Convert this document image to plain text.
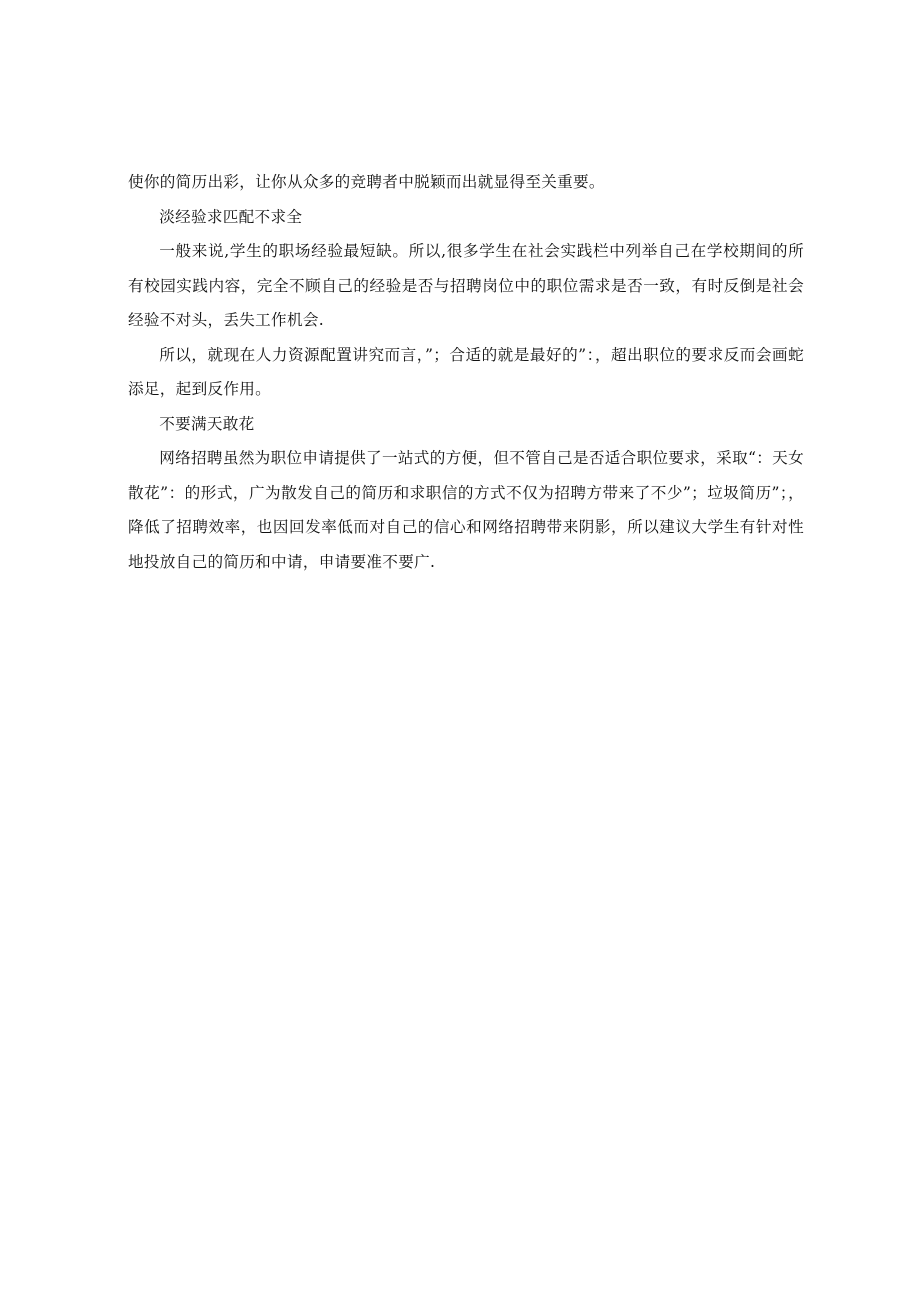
使你的简历出彩，让你从众多的竞聘者中脱颖而出就显得至关重要。

淡经验求匹配不求全

一般来说,学生的职场经验最短缺。所以,很多学生在社会实践栏中列举自己在学校期间的所有校园实践内容，完全不顾自己的经验是否与招聘岗位中的职位需求是否一致，有时反倒是社会经验不对头，丢失工作机会.

所以，就现在人力资源配置讲究而言，”；合适的就是最好的”：，超出职位的要求反而会画蛇添足，起到反作用。

不要满天敢花

网络招聘虽然为职位申请提供了一站式的方便，但不管自己是否适合职位要求，采取“：天女散花”：的形式，广为散发自己的简历和求职信的方式不仅为招聘方带来了不少”；垃圾简历”；，降低了招聘效率，也因回发率低而对自己的信心和网络招聘带来阴影，所以建议大学生有针对性地投放自己的简历和中请，申请要准不要广.
